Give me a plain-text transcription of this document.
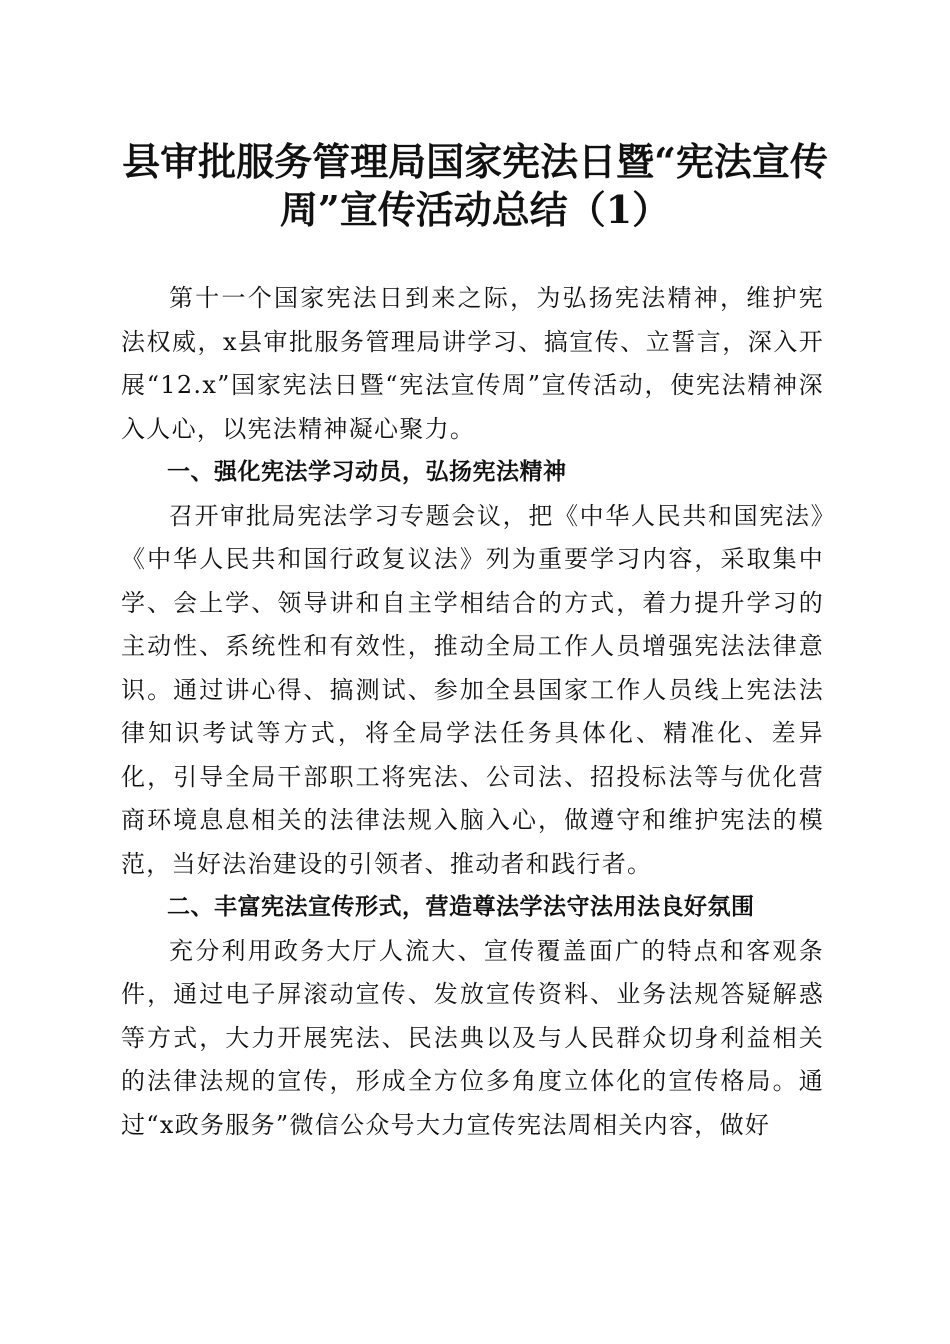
县审批服务管理局国家宪法日暨“宪法宣传
周”宣传活动总结（1）

第十一个国家宪法日到来之际，为弘扬宪法精神，维护宪法权威，x县审批服务管理局讲学习、搞宣传、立誓言，深入开展“12.x”国家宪法日暨“宪法宣传周”宣传活动，使宪法精神深入人心，以宪法精神凝心聚力。

一、强化宪法学习动员，弘扬宪法精神

召开审批局宪法学习专题会议，把《中华人民共和国宪法》《中华人民共和国行政复议法》列为重要学习内容，采取集中学、会上学、领导讲和自主学相结合的方式，着力提升学习的主动性、系统性和有效性，推动全局工作人员增强宪法法律意识。通过讲心得、搞测试、参加全县国家工作人员线上宪法法律知识考试等方式，将全局学法任务具体化、精准化、差异化，引导全局干部职工将宪法、公司法、招投标法等与优化营商环境息息相关的法律法规入脑入心，做遵守和维护宪法的模范，当好法治建设的引领者、推动者和践行者。

二、丰富宪法宣传形式，营造尊法学法守法用法良好氛围

充分利用政务大厅人流大、宣传覆盖面广的特点和客观条件，通过电子屏滚动宣传、发放宣传资料、业务法规答疑解惑等方式，大力开展宪法、民法典以及与人民群众切身利益相关的法律法规的宣传，形成全方位多角度立体化的宣传格局。通过“x政务服务”微信公众号大力宣传宪法周相关内容，做好
